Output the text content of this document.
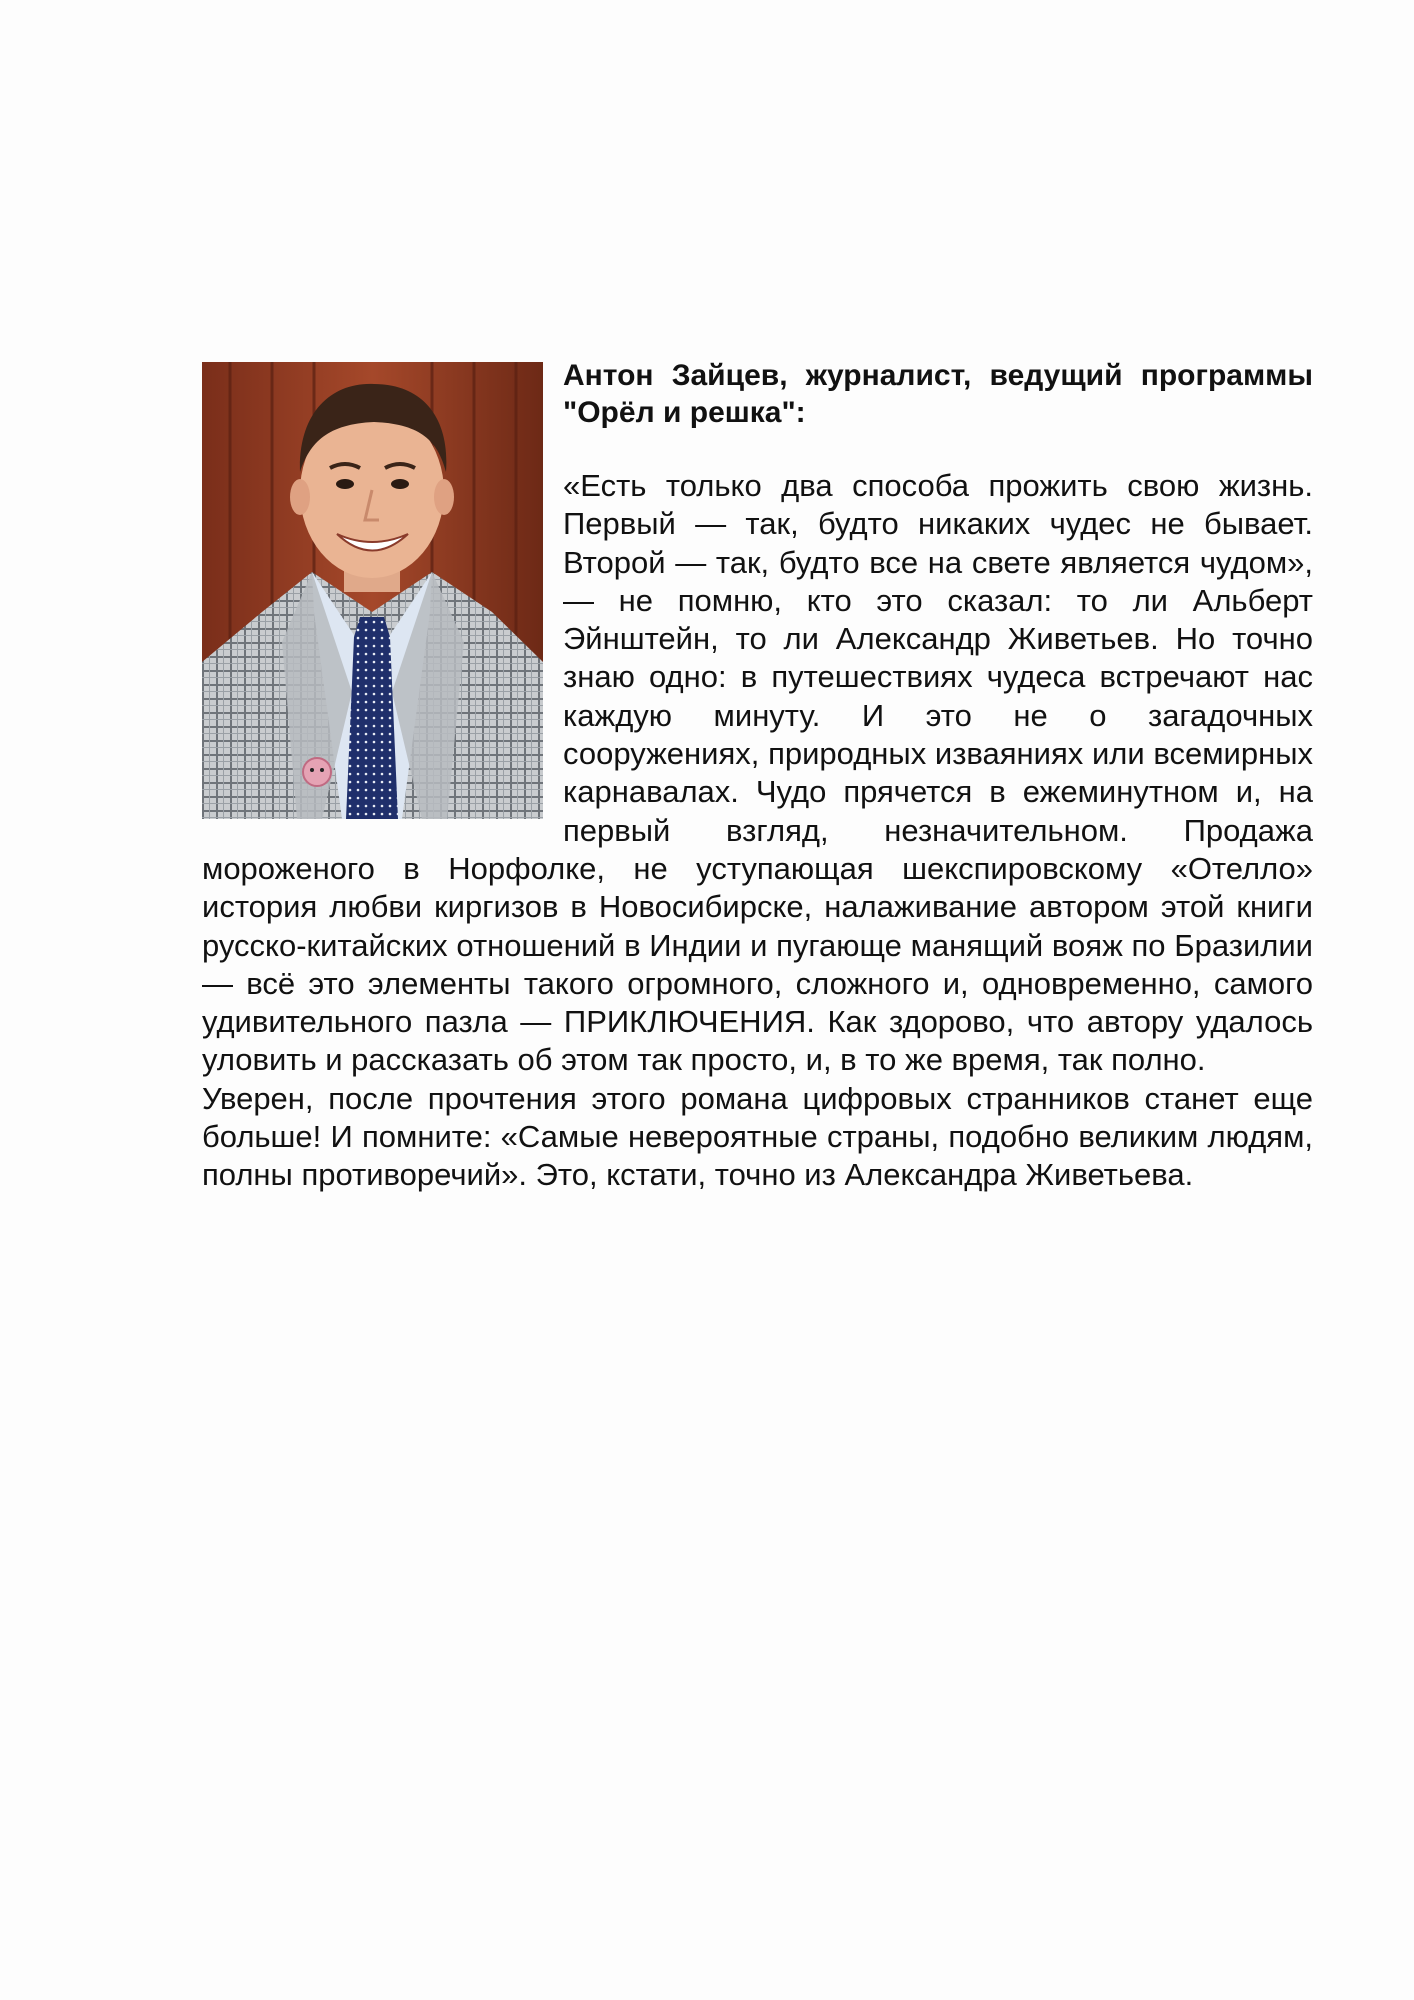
Антон Зайцев, журналист, ведущий программы "Орёл и решка":

«Есть только два способа прожить свою жизнь. Первый — так, будто никаких чудес не бывает. Второй — так, будто все на свете является чудом», — не помню, кто это сказал: то ли Альберт Эйнштейн, то ли Александр Живетьев. Но точно знаю одно: в путешествиях чудеса встречают нас каждую минуту. И это не о загадочных сооружениях, природных изваяниях или всемирных карнавалах. Чудо прячется в ежеминутном и, на первый взгляд, незначительном. Продажа мороженого в Норфолке, не уступающая шекспировскому «Отелло» история любви киргизов в Новосибирске, налаживание автором этой книги русско-китайских отношений в Индии и пугающе манящий вояж по Бразилии — всё это элементы такого огромного, сложного и, одновременно, самого удивительного пазла — ПРИКЛЮЧЕНИЯ. Как здорово, что автору удалось уловить и рассказать об этом так просто, и, в то же время, так полно.

Уверен, после прочтения этого романа цифровых странников станет еще больше! И помните: «Самые невероятные страны, подобно великим людям, полны противоречий». Это, кстати, точно из Александра Живетьева.
